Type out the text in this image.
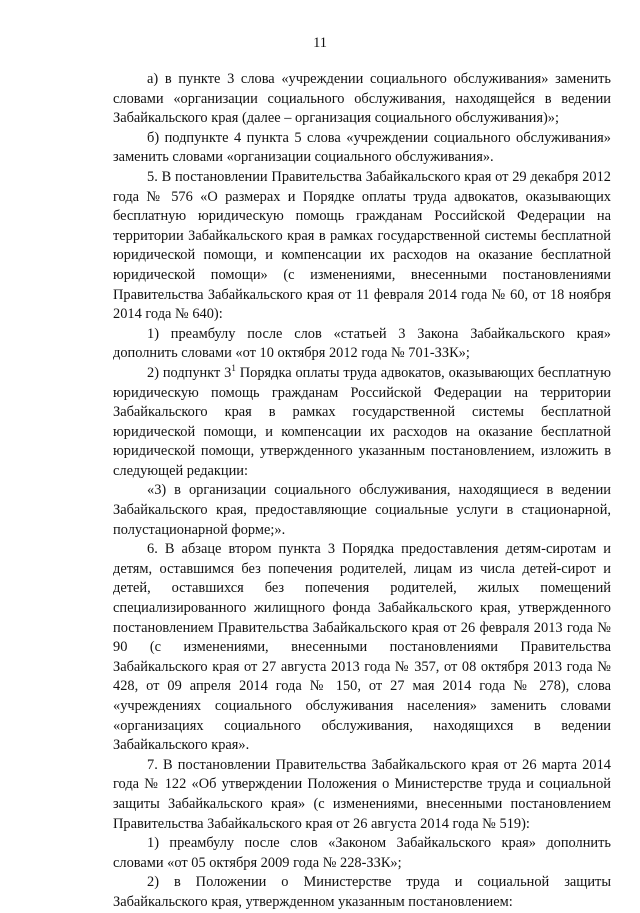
11

а) в пункте 3 слова «учреждении социального обслуживания» заменить словами «организации социального обслуживания, находящейся в ведении Забайкальского края (далее – организация социального обслуживания)»;

б) подпункте 4 пункта 5 слова «учреждении социального обслуживания» заменить словами «организации социального обслуживания».

5. В постановлении Правительства Забайкальского края от 29 декабря 2012 года № 576 «О размерах и Порядке оплаты труда адвокатов, оказывающих бесплатную юридическую помощь гражданам Российской Федерации на территории Забайкальского края в рамках государственной системы бесплатной юридической помощи, и компенсации их расходов на оказание бесплатной юридической помощи» (с изменениями, внесенными постановлениями Правительства Забайкальского края от 11 февраля 2014 года № 60, от 18 ноября 2014 года № 640):

1) преамбулу после слов «статьей 3 Закона Забайкальского края» дополнить словами «от 10 октября 2012 года № 701-ЗЗК»;

2) подпункт $3^1$ Порядка оплаты труда адвокатов, оказывающих бесплатную юридическую помощь гражданам Российской Федерации на территории Забайкальского края в рамках государственной системы бесплатной юридической помощи, и компенсации их расходов на оказание бесплатной юридической помощи, утвержденного указанным постановлением, изложить в следующей редакции:

«3) в организации социального обслуживания, находящиеся в ведении Забайкальского края, предоставляющие социальные услуги в стационарной, полустационарной форме;».

6. В абзаце втором пункта 3 Порядка предоставления детям-сиротам и детям, оставшимся без попечения родителей, лицам из числа детей-сирот и детей, оставшихся без попечения родителей, жилых помещений специализированного жилищного фонда Забайкальского края, утвержденного постановлением Правительства Забайкальского края от 26 февраля 2013 года № 90 (с изменениями, внесенными постановлениями Правительства Забайкальского края от 27 августа 2013 года № 357, от 08 октября 2013 года № 428, от 09 апреля 2014 года № 150, от 27 мая 2014 года № 278), слова «учреждениях социального обслуживания населения» заменить словами «организациях социального обслуживания, находящихся в ведении Забайкальского края».

7. В постановлении Правительства Забайкальского края от 26 марта 2014 года № 122 «Об утверждении Положения о Министерстве труда и социальной защиты Забайкальского края» (с изменениями, внесенными постановлением Правительства Забайкальского края от 26 августа 2014 года № 519):

1) преамбулу после слов «Законом Забайкальского края» дополнить словами «от 05 октября 2009 года № 228-ЗЗК»;

2) в Положении о Министерстве труда и социальной защиты Забайкальского края, утвержденном указанным постановлением:
